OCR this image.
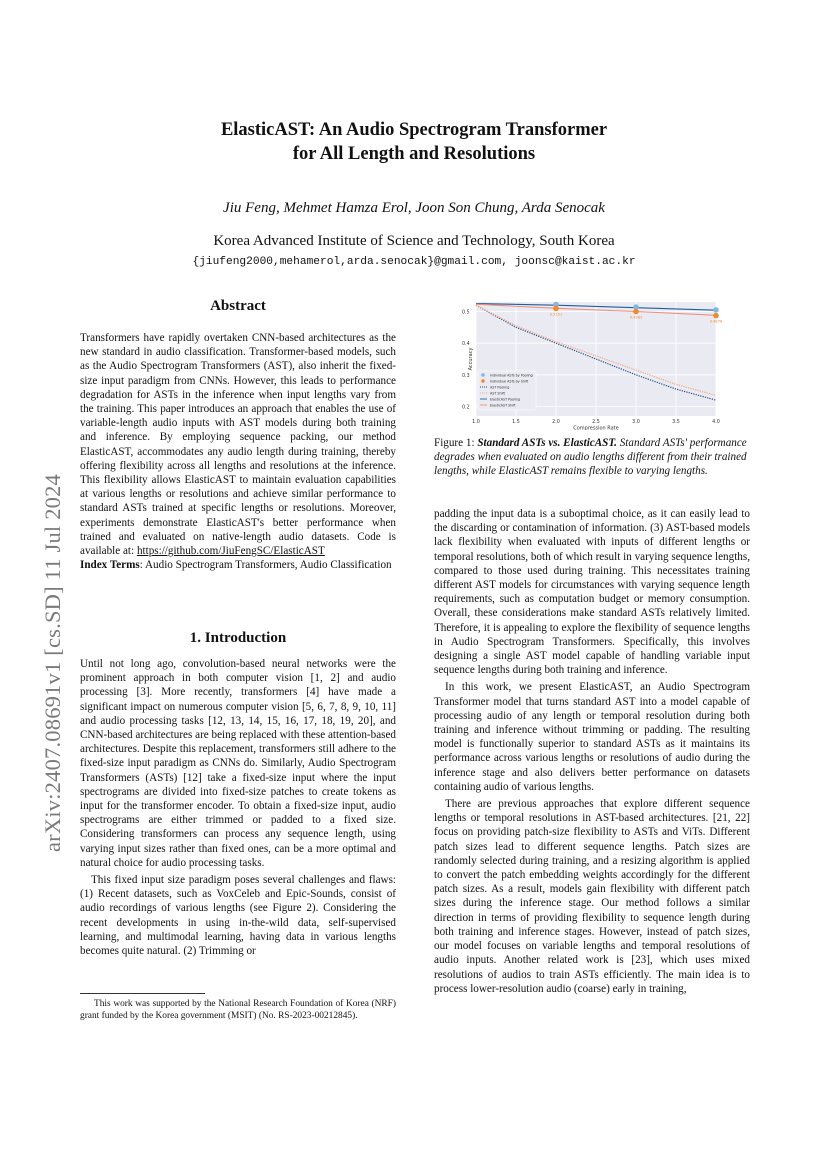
arXiv:2407.08691v1 [cs.SD] 11 Jul 2024
ElasticAST: An Audio Spectrogram Transformer
for All Length and Resolutions
Jiu Feng, Mehmet Hamza Erol, Joon Son Chung, Arda Senocak
Korea Advanced Institute of Science and Technology, South Korea
{jiufeng2000,mehamerol,arda.senocak}@gmail.com, joonsc@kaist.ac.kr
Abstract

Transformers have rapidly overtaken CNN-based architectures as the new standard in audio classification. Transformer-based models, such as the Audio Spectrogram Transformers (AST), also inherit the fixed-size input paradigm from CNNs. However, this leads to performance degradation for ASTs in the inference when input lengths vary from the training. This paper introduces an approach that enables the use of variable-length audio inputs with AST models during both training and inference. By employing sequence packing, our method ElasticAST, accommodates any audio length during training, thereby offering flexibility across all lengths and resolutions at the inference. This flexibility allows ElasticAST to maintain evaluation capabilities at various lengths or resolutions and achieve similar performance to standard ASTs trained at specific lengths or resolutions. Moreover, experiments demonstrate ElasticAST's better performance when trained and evaluated on native-length audio datasets. Code is available at: https://github.com/JiuFengSC/ElasticAST

Index Terms: Audio Spectrogram Transformers, Audio Classification

1. Introduction

Until not long ago, convolution-based neural networks were the prominent approach in both computer vision [1, 2] and audio processing [3]. More recently, transformers [4] have made a significant impact on numerous computer vision [5, 6, 7, 8, 9, 10, 11] and audio processing tasks [12, 13, 14, 15, 16, 17, 18, 19, 20], and CNN-based architectures are being replaced with these attention-based architectures. Despite this replacement, transformers still adhere to the fixed-size input paradigm as CNNs do. Similarly, Audio Spectrogram Transformers (ASTs) [12] take a fixed-size input where the input spectrograms are divided into fixed-size patches to create tokens as input for the transformer encoder. To obtain a fixed-size input, audio spectrograms are either trimmed or padded to a fixed size. Considering transformers can process any sequence length, using varying input sizes rather than fixed ones, can be a more optimal and natural choice for audio processing tasks.

This fixed input size paradigm poses several challenges and flaws: (1) Recent datasets, such as VoxCeleb and Epic-Sounds, consist of audio recordings of various lengths (see Figure 2). Considering the recent developments in using in-the-wild data, self-supervised learning, and multimodal learning, having data in various lengths becomes quite natural. (2) Trimming or

This work was supported by the National Research Foundation of Korea (NRF) grant funded by the Korea government (MSIT) (No. RS-2023-00212845).

0.2
0.3
0.4
0.5
1.0	1.5	2.0	2.5	3.0	3.5	4.0
Compression Rate
Accuracy
0.5151
0.4983
0.4878
Individual ASTs by Pooling
Individual ASTs by Shift
AST Pooling
AST Shift
ElasticAST Pooling
ElasticAST Shift
Figure 1: Standard ASTs vs. ElasticAST. Standard ASTs' performance degrades when evaluated on audio lengths different from their trained lengths, while ElasticAST remains flexible to varying lengths.

padding the input data is a suboptimal choice, as it can easily lead to the discarding or contamination of information. (3) AST-based models lack flexibility when evaluated with inputs of different lengths or temporal resolutions, both of which result in varying sequence lengths, compared to those used during training. This necessitates training different AST models for circumstances with varying sequence length requirements, such as computation budget or memory consumption. Overall, these considerations make standard ASTs relatively limited. Therefore, it is appealing to explore the flexibility of sequence lengths in Audio Spectrogram Transformers. Specifically, this involves designing a single AST model capable of handling variable input sequence lengths during both training and inference.

In this work, we present ElasticAST, an Audio Spectrogram Transformer model that turns standard AST into a model capable of processing audio of any length or temporal resolution during both training and inference without trimming or padding. The resulting model is functionally superior to standard ASTs as it maintains its performance across various lengths or resolutions of audio during the inference stage and also delivers better performance on datasets containing audio of various lengths.

There are previous approaches that explore different sequence lengths or temporal resolutions in AST-based architectures. [21, 22] focus on providing patch-size flexibility to ASTs and ViTs. Different patch sizes lead to different sequence lengths. Patch sizes are randomly selected during training, and a resizing algorithm is applied to convert the patch embedding weights accordingly for the different patch sizes. As a result, models gain flexibility with different patch sizes during the inference stage. Our method follows a similar direction in terms of providing flexibility to sequence length during both training and inference stages. However, instead of patch sizes, our model focuses on variable lengths and temporal resolutions of audio inputs. Another related work is [23], which uses mixed resolutions of audios to train ASTs efficiently. The main idea is to process lower-resolution audio (coarse) early in training,
